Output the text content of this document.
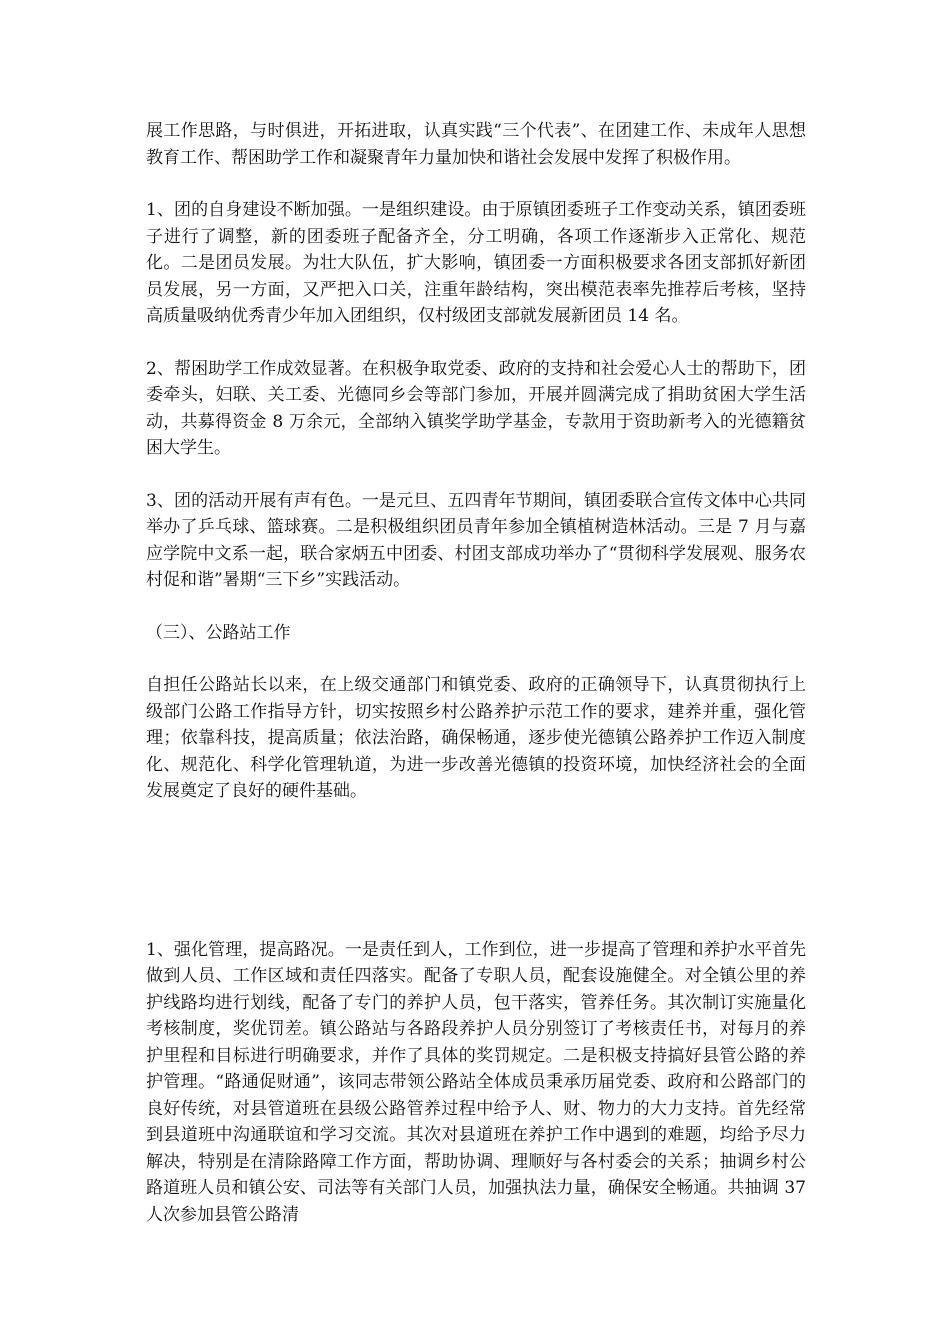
展工作思路，与时俱进，开拓进取，认真实践“三个代表”、在团建工作、未成年人思想教育工作、帮困助学工作和凝聚青年力量加快和谐社会发展中发挥了积极作用。

1、团的自身建设不断加强。一是组织建设。由于原镇团委班子工作变动关系，镇团委班子进行了调整，新的团委班子配备齐全，分工明确，各项工作逐渐步入正常化、规范化。二是团员发展。为壮大队伍，扩大影响，镇团委一方面积极要求各团支部抓好新团员发展，另一方面，又严把入口关，注重年龄结构，突出模范表率先推荐后考核，坚持高质量吸纳优秀青少年加入团组织，仅村级团支部就发展新团员 14 名。

2、帮困助学工作成效显著。在积极争取党委、政府的支持和社会爱心人士的帮助下，团委牵头，妇联、关工委、光德同乡会等部门参加，开展并圆满完成了捐助贫困大学生活动，共募得资金 8 万余元，全部纳入镇奖学助学基金，专款用于资助新考入的光德籍贫困大学生。

3、团的活动开展有声有色。一是元旦、五四青年节期间，镇团委联合宣传文体中心共同举办了乒乓球、篮球赛。二是积极组织团员青年参加全镇植树造林活动。三是 7 月与嘉应学院中文系一起，联合家炳五中团委、村团支部成功举办了“贯彻科学发展观、服务农村促和谐”暑期“三下乡”实践活动。

（三）、公路站工作

自担任公路站长以来，在上级交通部门和镇党委、政府的正确领导下，认真贯彻执行上级部门公路工作指导方针，切实按照乡村公路养护示范工作的要求，建养并重，强化管理；依靠科技，提高质量；依法治路，确保畅通，逐步使光德镇公路养护工作迈入制度化、规范化、科学化管理轨道，为进一步改善光德镇的投资环境，加快经济社会的全面发展奠定了良好的硬件基础。

1、强化管理，提高路况。一是责任到人，工作到位，进一步提高了管理和养护水平首先做到人员、工作区域和责任四落实。配备了专职人员，配套设施健全。对全镇公里的养护线路均进行划线，配备了专门的养护人员，包干落实，管养任务。其次制订实施量化考核制度，奖优罚差。镇公路站与各路段养护人员分别签订了考核责任书，对每月的养护里程和目标进行明确要求，并作了具体的奖罚规定。二是积极支持搞好县管公路的养护管理。“路通促财通”，该同志带领公路站全体成员秉承历届党委、政府和公路部门的良好传统，对县管道班在县级公路管养过程中给予人、财、物力的大力支持。首先经常到县道班中沟通联谊和学习交流。其次对县道班在养护工作中遇到的难题，均给予尽力解决，特别是在清除路障工作方面，帮助协调、理顺好与各村委会的关系；抽调乡村公路道班人员和镇公安、司法等有关部门人员，加强执法力量，确保安全畅通。共抽调 37 人次参加县管公路清
